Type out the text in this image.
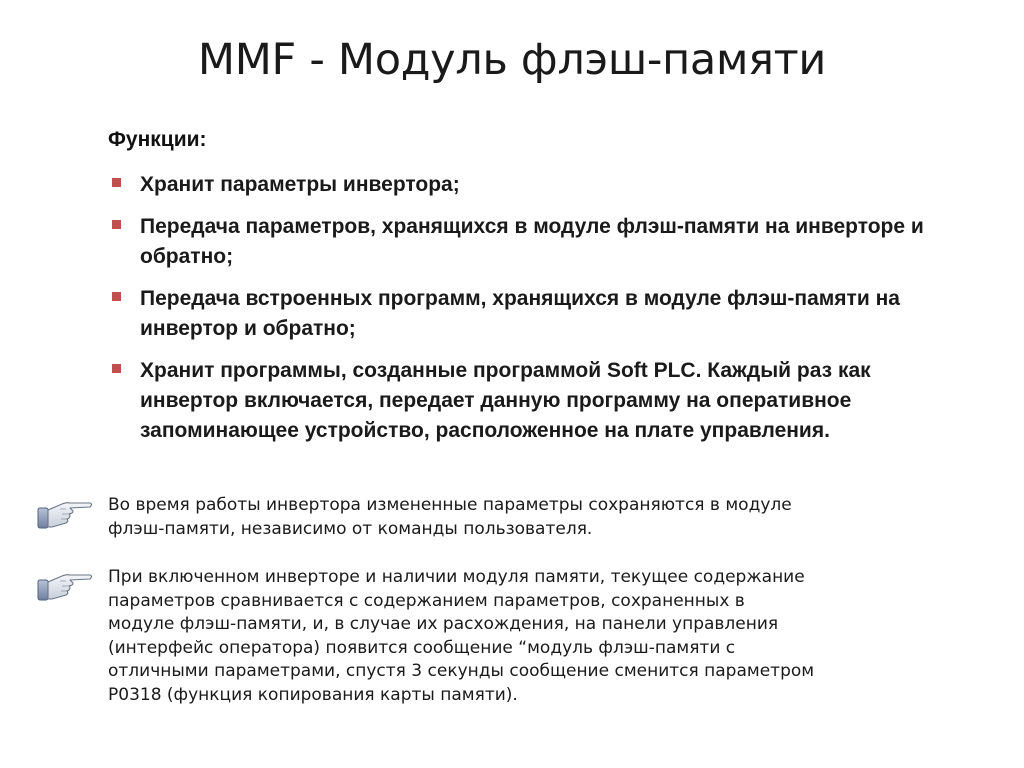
MMF - Модуль флэш-памяти
Функции:
Хранит параметры инвертора;
Передача параметров, хранящихся в модуле флэш-памяти на инверторе и обратно;
Передача встроенных программ, хранящихся в модуле флэш-памяти на инвертор и обратно;
Хранит программы, созданные программой Soft PLC. Каждый раз как инвертор включается, передает данную программу на оперативное запоминающее устройство, расположенное на плате управления.
Во время работы инвертора измененные параметры сохраняются в модуле
флэш-памяти, независимо от команды пользователя.
При включенном инверторе и наличии модуля памяти, текущее содержание
параметров сравнивается с содержанием параметров, сохраненных в
модуле флэш-памяти, и, в случае их расхождения, на панели управления
(интерфейс оператора) появится сообщение “модуль флэш-памяти с
отличными параметрами, спустя 3 секунды сообщение сменится параметром
P0318 (функция копирования карты памяти).
